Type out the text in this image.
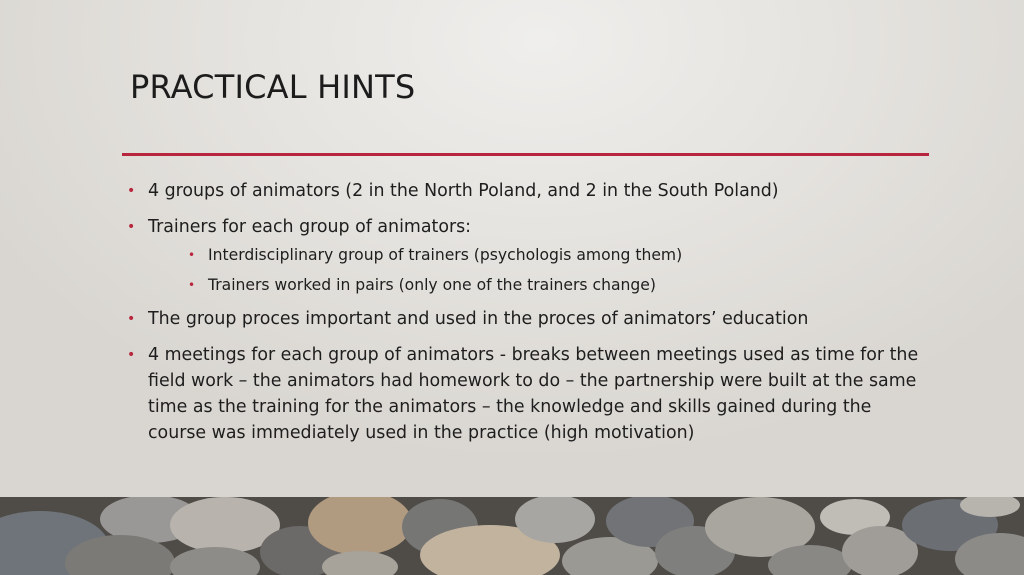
PRACTICAL HINTS
• 4 groups of animators (2 in the North Poland, and 2 in the South Poland)
• Trainers for each group of animators:
• Interdisciplinary group of trainers (psychologis among them)
• Trainers worked in pairs (only one of the trainers change)
• The group proces important and used in the proces of animators’ education
• 4 meetings for each group of animators - breaks between meetings used as time for the field work – the animators had homework to do – the partnership were built at the same time as the training for the animators – the knowledge and skills gained during the course was immediately used in the practice (high motivation)
